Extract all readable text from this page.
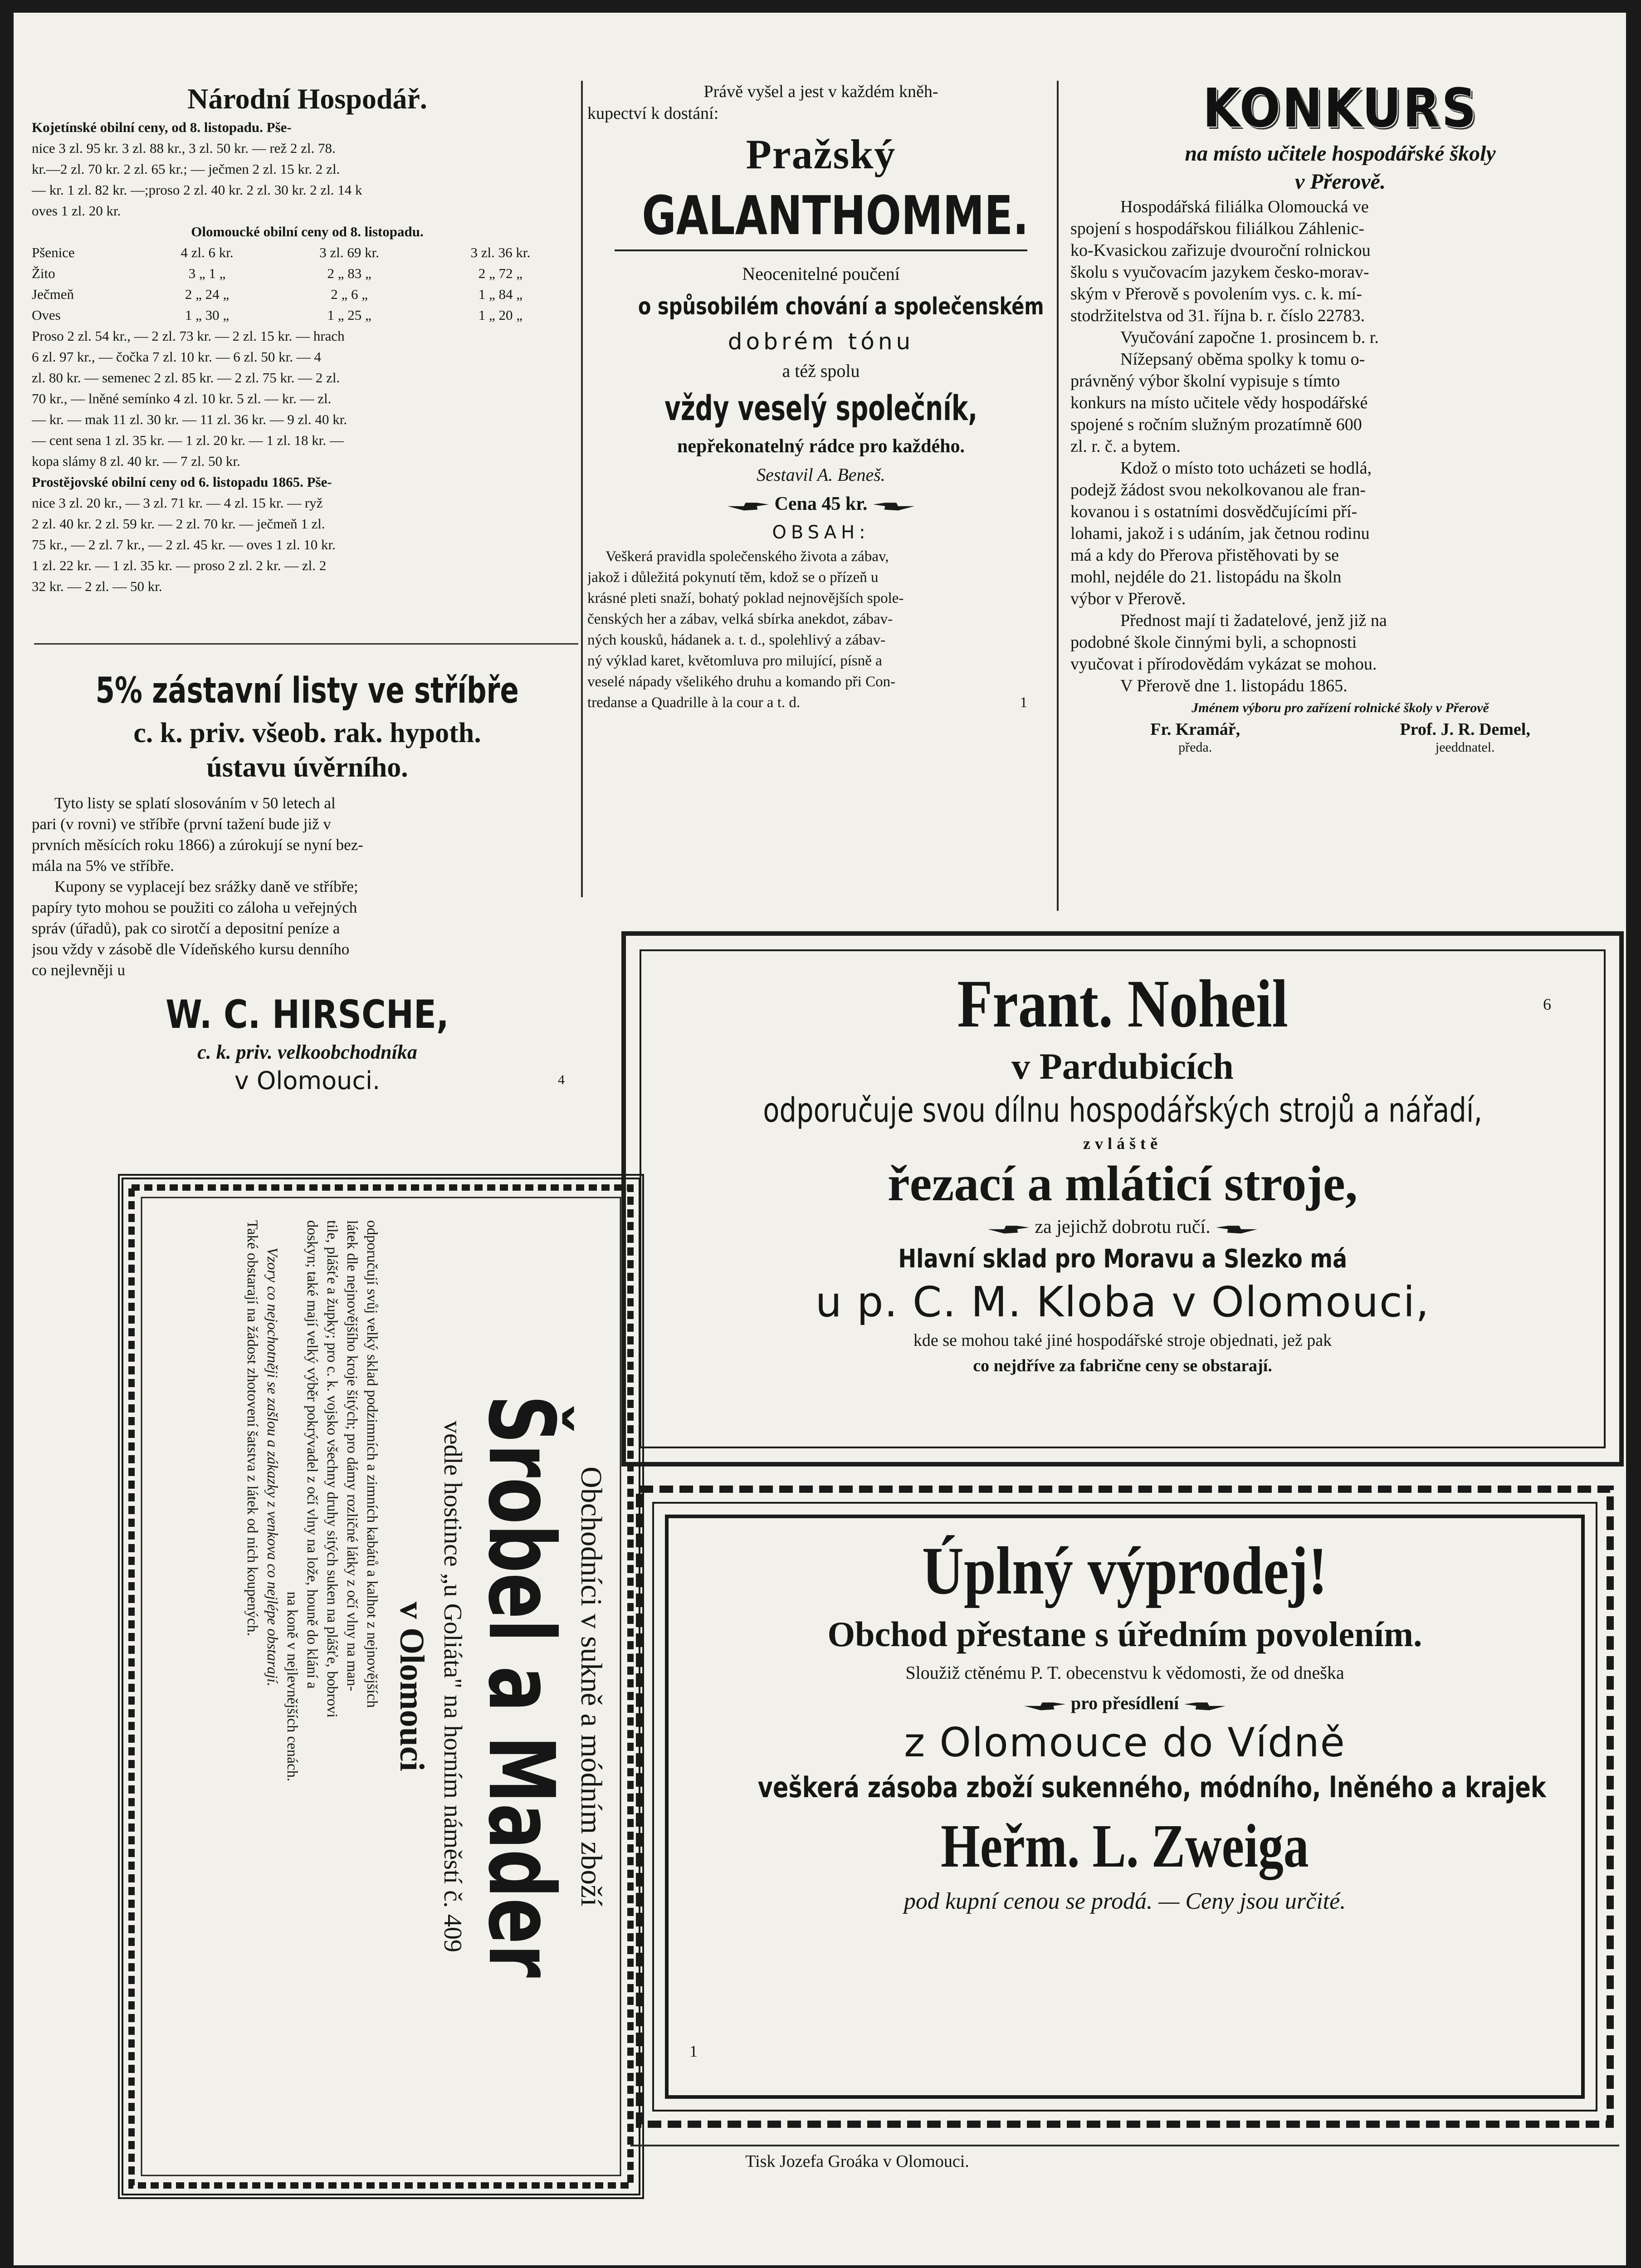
Národní Hospodář.
Kojetínské obilní ceny, od 8. listopadu. Pše-
nice 3 zl. 95 kr. 3 zl. 88 kr., 3 zl. 50 kr. — rež 2 zl. 78.
kr.—2 zl. 70 kr. 2 zl. 65 kr.; — ječmen 2 zl. 15 kr. 2 zl.
— kr. 1 zl. 82 kr. —;proso 2 zl. 40 kr. 2 zl. 30 kr. 2 zl. 14 k
oves 1 zl. 20 kr.
Olomoucké obilní ceny od 8. listopadu.
Pšenice	4 zl. 6 kr.	3 zl. 69 kr.	3 zl. 36 kr.
Žito	3 „ 1 „	2 „ 83 „	2 „ 72 „
Ječmeň	2 „ 24 „	2 „ 6 „	1 „ 84 „
Oves	1 „ 30 „	1 „ 25 „	1 „ 20 „
Proso 2 zl. 54 kr., — 2 zl. 73 kr. — 2 zl. 15 kr. — hrach
6 zl. 97 kr., — čočka 7 zl. 10 kr. — 6 zl. 50 kr. — 4
zl. 80 kr. — semenec 2 zl. 85 kr. — 2 zl. 75 kr. — 2 zl.
70 kr., — lněné semínko 4 zl. 10 kr. 5 zl. — kr. — zl.
— kr. — mak 11 zl. 30 kr. — 11 zl. 36 kr. — 9 zl. 40 kr.
— cent sena 1 zl. 35 kr. — 1 zl. 20 kr. — 1 zl. 18 kr. —
kopa slámy 8 zl. 40 kr. — 7 zl. 50 kr.
Prostějovské obilní ceny od 6. listopadu 1865. Pše-
nice 3 zl. 20 kr., — 3 zl. 71 kr. — 4 zl. 15 kr. — ryž
2 zl. 40 kr. 2 zl. 59 kr. — 2 zl. 70 kr. — ječmeň 1 zl.
75 kr., — 2 zl. 7 kr., — 2 zl. 45 kr. — oves 1 zl. 10 kr.
1 zl. 22 kr. — 1 zl. 35 kr. — proso 2 zl. 2 kr. — zl. 2
32 kr. — 2 zl. — 50 kr.
5% zástavní listy ve stříbře
c. k. priv. všeob. rak. hypoth.
ústavu úvěrního.
Tyto listy se splatí slosováním v 50 letech al
pari (v rovni) ve stříbře (první tažení bude již v
prvních měsících roku 1866) a zúrokují se nyní bez-
mála na 5% ve stříbře.
Kupony se vyplacejí bez srážky daně ve stříbře;
papíry tyto mohou se použiti co záloha u veřejných
správ (úřadů), pak co sirotčí a depositní peníze a
jsou vždy v zásobě dle Vídeňského kursu denního
co nejlevněji u
W. C. HIRSCHE,
c. k. priv. velkoobchodníka
v Olomouci.	4
Právě vyšel a jest v každém kněh-
kupectví k dostání:
Pražský
GALANTHOMME.
Neocenitelné poučení
o spůsobilém chování a společenském
dobrém tónu
a též spolu
vždy veselý společník,
nepřekonatelný rádce pro každého.
Sestavil A. Beneš.
Cena 45 kr.
OBSAH:
Veškerá pravidla společenského života a zábav,
jakož i důležitá pokynutí těm, kdož se o přízeň u
krásné pleti snaží, bohatý poklad nejnovějších spole-
čenských her a zábav, velká sbírka anekdot, zábav-
ných kousků, hádanek a. t. d., spolehlivý a zábav-
ný výklad karet, květomluva pro milující, písně a
veselé nápady všelikého druhu a komando při Con-
tredanse a Quadrille à la cour a t. d.	1
KONKURS
na místo učitele hospodářské školy
v Přerově.
Hospodářská filiálka Olomoucká ve
spojení s hospodářskou filiálkou Záhlenic-
ko-Kvasickou zařizuje dvouroční rolnickou
školu s vyučovacím jazykem česko-morav-
ským v Přerově s povolením vys. c. k. mí-
stodržitelstva od 31. října b. r. číslo 22783.
Vyučování započne 1. prosincem b. r.
Nížepsaný oběma spolky k tomu o-
právněný výbor školní vypisuje s tímto
konkurs na místo učitele vědy hospodářské
spojené s ročním služným prozatímně 600
zl. r. č. a bytem.
Kdož o místo toto ucházeti se hodlá,
podejž žádost svou nekolkovanou ale fran-
kovanou i s ostatními dosvědčujícími pří-
lohami, jakož i s udáním, jak četnou rodinu
má a kdy do Přerova přistěhovati by se
mohl, nejdéle do 21. listopádu na školn
výbor v Přerově.
Přednost mají ti žadatelové, jenž již na
podobné škole činnými byli, a schopnosti
vyučovat i přírodovědám vykázat se mohou.
V Přerově dne 1. listopádu 1865.
Jménem výboru pro zařízení rolnické školy v Přerově
Fr. Kramář,
předa.
Prof. J. R. Demel,
jeeddnatel.
Frant. Noheil	6
v Pardubicích
odporučuje svou dílnu hospodářských strojů a nářadí,
zvláště
řezací a mláticí stroje,
za jejichž dobrotu ručí.
Hlavní sklad pro Moravu a Slezko má
u p. C. M. Kloba v Olomouci,
kde se mohou také jiné hospodářské stroje objednati, jež pak
co nejdříve za fabrične ceny se obstarají.
Obchodníci v sukně a módním zboží
Šrobel a Mader
vedle hostince „u Goliáta" na horním náměstí č. 409
v Olomouci
odporučují svůj velký sklad podzimních a zimních kabátů a kalhot z nejnovějších
látek dle nejnovějšího kroje šitých; pro dámy rozličné látky z očí vlny na man-
tile, plášťe a župky; pro c. k. vojsko všechny druhy sitých suken na plášťe, bobrovi
doskyn; také mají velký výběr pokrývadel z očí vlny na lože, houně do klání a
na koně v nejlevnějších cenách.
Vzory co nejochotněji se zašlou a zákazky z venkova co nejlépe obstarají.
Také obstarají na žádost zhotovení šatstva z látek od nich koupených.	Úplný výprodej!
Obchod přestane s úředním povolením.
Sloužiž ctěnému P. T. obecenstvu k vědomosti, že od dneška
pro přesídlení
z Olomouce do Vídně
veškerá zásoba zboží sukenného, módního, lněného a krajek
Heřm. L. Zweiga
pod kupní cenou se prodá. — Ceny jsou určité.
1
Tisk Jozefa Groáka v Olomouci.
